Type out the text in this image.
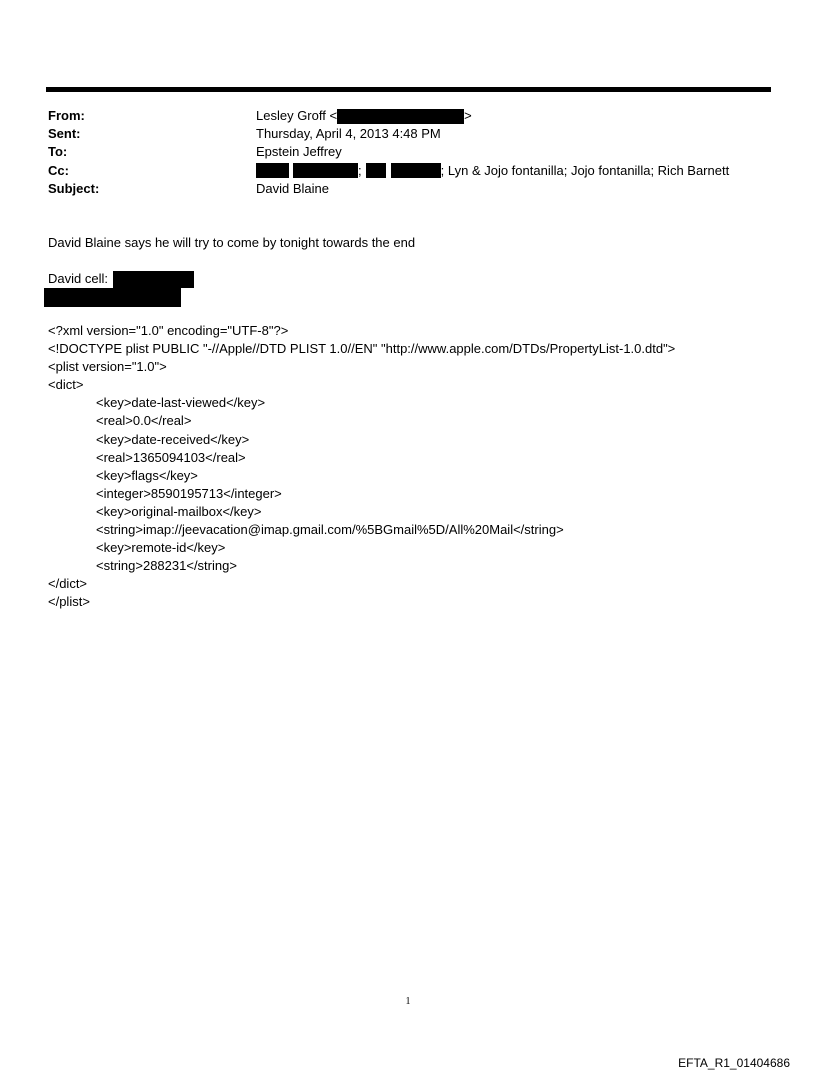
From:	Lesley Groff <	>
Sent:	Thursday, April 4, 2013 4:48 PM
To:	Epstein Jeffrey
Cc:	;	; Lyn & Jojo fontanilla; Jojo fontanilla; Rich Barnett
Subject:	David Blaine
David Blaine says he will try to come by tonight towards the end
David cell:
<?xml version="1.0" encoding="UTF-8"?>
<!DOCTYPE plist PUBLIC "-//Apple//DTD PLIST 1.0//EN" "http://www.apple.com/DTDs/PropertyList-1.0.dtd">
<plist version="1.0">
<dict>
<key>date-last-viewed</key>
<real>0.0</real>
<key>date-received</key>
<real>1365094103</real>
<key>flags</key>
<integer>8590195713</integer>
<key>original-mailbox</key>
<string>imap://jeevacation@imap.gmail.com/%5BGmail%5D/All%20Mail</string>
<key>remote-id</key>
<string>288231</string>
</dict>
</plist>
1
EFTA_R1_01404686
